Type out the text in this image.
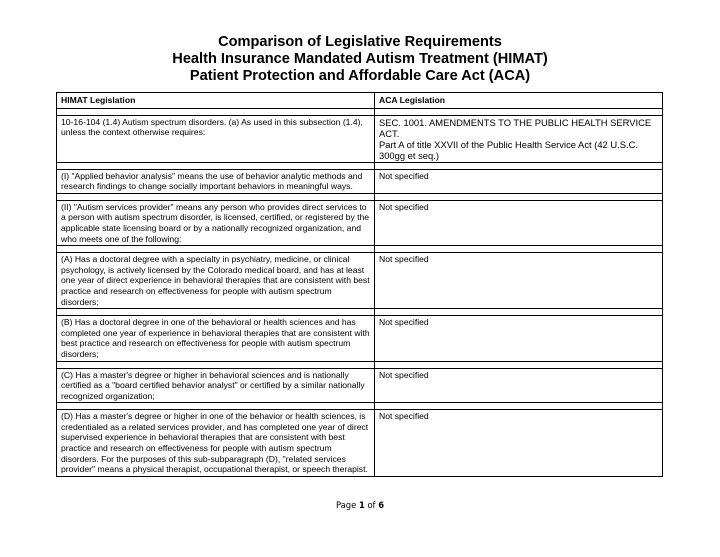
Comparison of Legislative Requirements
Health Insurance Mandated Autism Treatment (HIMAT)
Patient Protection and Affordable Care Act (ACA)
HIMAT Legislation	ACA Legislation

10-16-104 (1.4) Autism spectrum disorders. (a) As used in this subsection (1.4), unless the context otherwise requires:	SEC. 1001. AMENDMENTS TO THE PUBLIC HEALTH SERVICE ACT.
Part A of title XXVII of the Public Health Service Act (42 U.S.C. 300gg et seq.)

(I) "Applied behavior analysis" means the use of behavior analytic methods and research findings to change socially important behaviors in meaningful ways.	Not specified

(II) "Autism services provider" means any person who provides direct services to a person with autism spectrum disorder, is licensed, certified, or registered by the applicable state licensing board or by a nationally recognized organization, and who meets one of the following:	Not specified

(A) Has a doctoral degree with a specialty in psychiatry, medicine, or clinical psychology, is actively licensed by the Colorado medical board, and has at least one year of direct experience in behavioral therapies that are consistent with best practice and research on effectiveness for people with autism spectrum disorders;	Not specified

(B) Has a doctoral degree in one of the behavioral or health sciences and has completed one year of experience in behavioral therapies that are consistent with best practice and research on effectiveness for people with autism spectrum disorders;	Not specified

(C) Has a master's degree or higher in behavioral sciences and is nationally certified as a "board certified behavior analyst" or certified by a similar nationally recognized organization;	Not specified

(D) Has a master's degree or higher in one of the behavior or health sciences, is credentialed as a related services provider, and has completed one year of direct supervised experience in behavioral therapies that are consistent with best practice and research on effectiveness for people with autism spectrum disorders. For the purposes of this sub-subparagraph (D), "related services provider" means a physical therapist, occupational therapist, or speech therapist.	Not specified
Page 1 of 6
